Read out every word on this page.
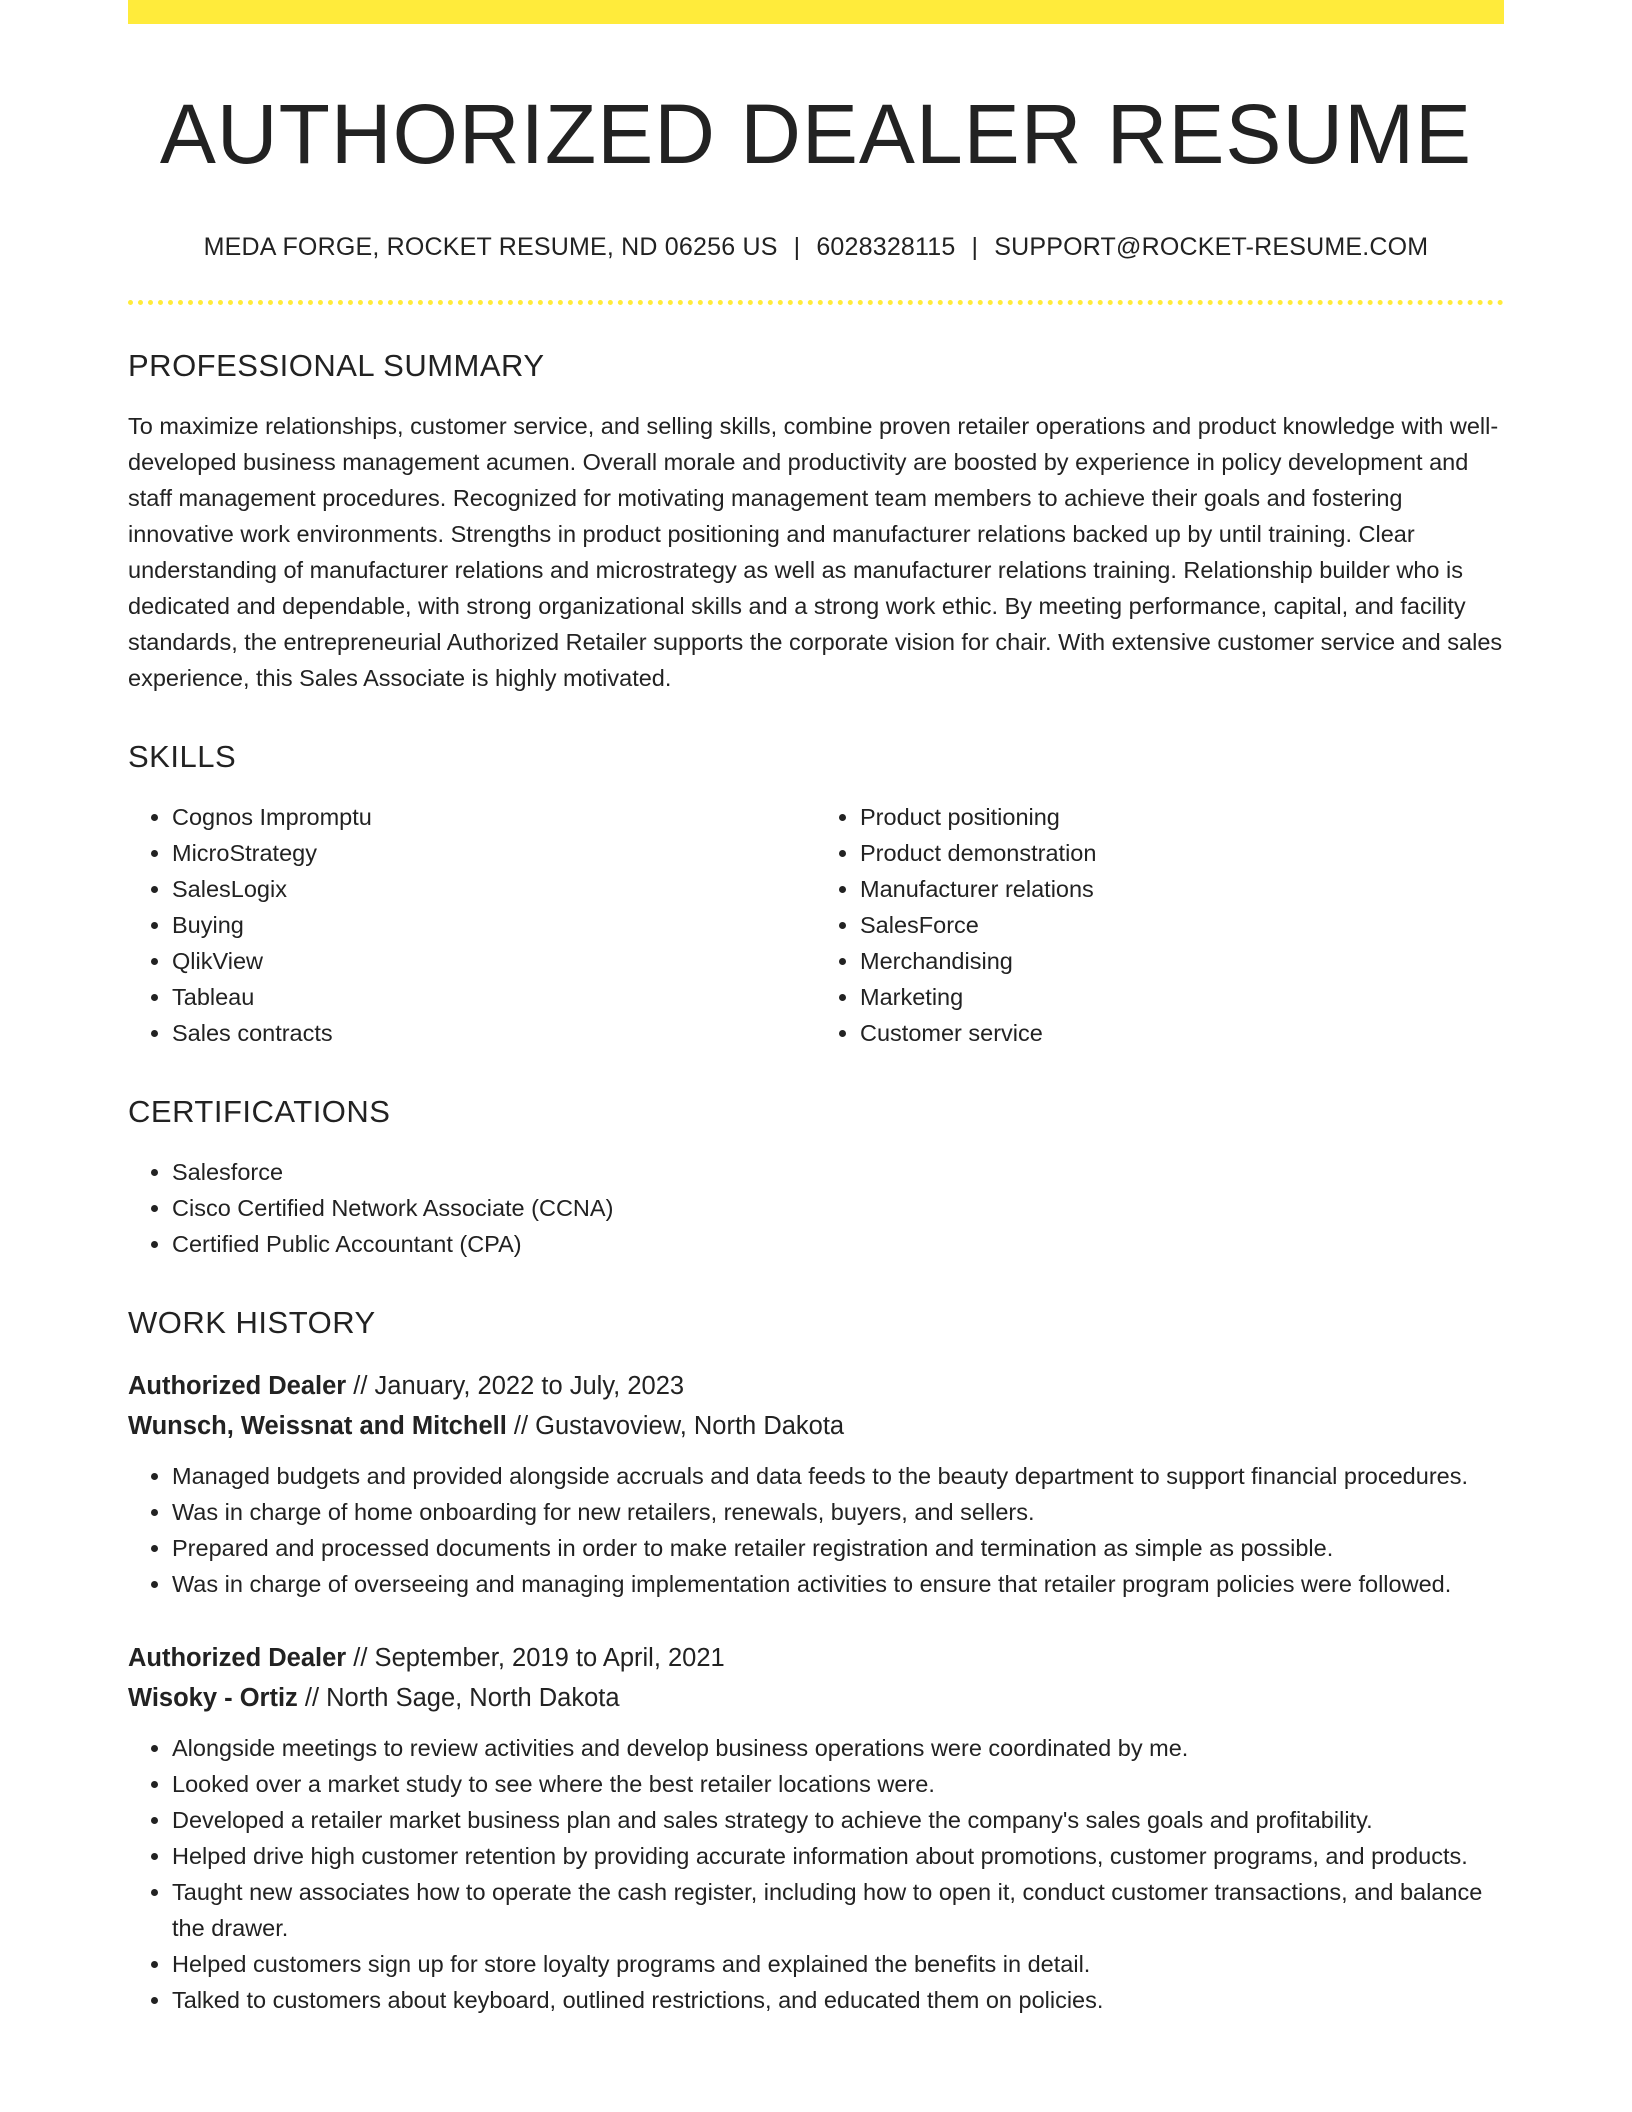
AUTHORIZED DEALER RESUME
MEDA FORGE, ROCKET RESUME, ND 06256 US | 6028328115 | SUPPORT@ROCKET-RESUME.COM
PROFESSIONAL SUMMARY
To maximize relationships, customer service, and selling skills, combine proven retailer operations and product knowledge with well-developed business management acumen. Overall morale and productivity are boosted by experience in policy development and staff management procedures. Recognized for motivating management team members to achieve their goals and fostering innovative work environments. Strengths in product positioning and manufacturer relations backed up by until training. Clear understanding of manufacturer relations and microstrategy as well as manufacturer relations training. Relationship builder who is dedicated and dependable, with strong organizational skills and a strong work ethic. By meeting performance, capital, and facility standards, the entrepreneurial Authorized Retailer supports the corporate vision for chair. With extensive customer service and sales experience, this Sales Associate is highly motivated.
SKILLS
• Cognos Impromptu
• MicroStrategy
• SalesLogix
• Buying
• QlikView
• Tableau
• Sales contracts
• Product positioning
• Product demonstration
• Manufacturer relations
• SalesForce
• Merchandising
• Marketing
• Customer service
CERTIFICATIONS
• Salesforce
• Cisco Certified Network Associate (CCNA)
• Certified Public Accountant (CPA)
WORK HISTORY
Authorized Dealer // January, 2022 to July, 2023
Wunsch, Weissnat and Mitchell // Gustavoview, North Dakota
• Managed budgets and provided alongside accruals and data feeds to the beauty department to support financial procedures.
• Was in charge of home onboarding for new retailers, renewals, buyers, and sellers.
• Prepared and processed documents in order to make retailer registration and termination as simple as possible.
• Was in charge of overseeing and managing implementation activities to ensure that retailer program policies were followed.
Authorized Dealer // September, 2019 to April, 2021
Wisoky - Ortiz // North Sage, North Dakota
• Alongside meetings to review activities and develop business operations were coordinated by me.
• Looked over a market study to see where the best retailer locations were.
• Developed a retailer market business plan and sales strategy to achieve the company's sales goals and profitability.
• Helped drive high customer retention by providing accurate information about promotions, customer programs, and products.
• Taught new associates how to operate the cash register, including how to open it, conduct customer transactions, and balance the drawer.
• Helped customers sign up for store loyalty programs and explained the benefits in detail.
• Talked to customers about keyboard, outlined restrictions, and educated them on policies.
